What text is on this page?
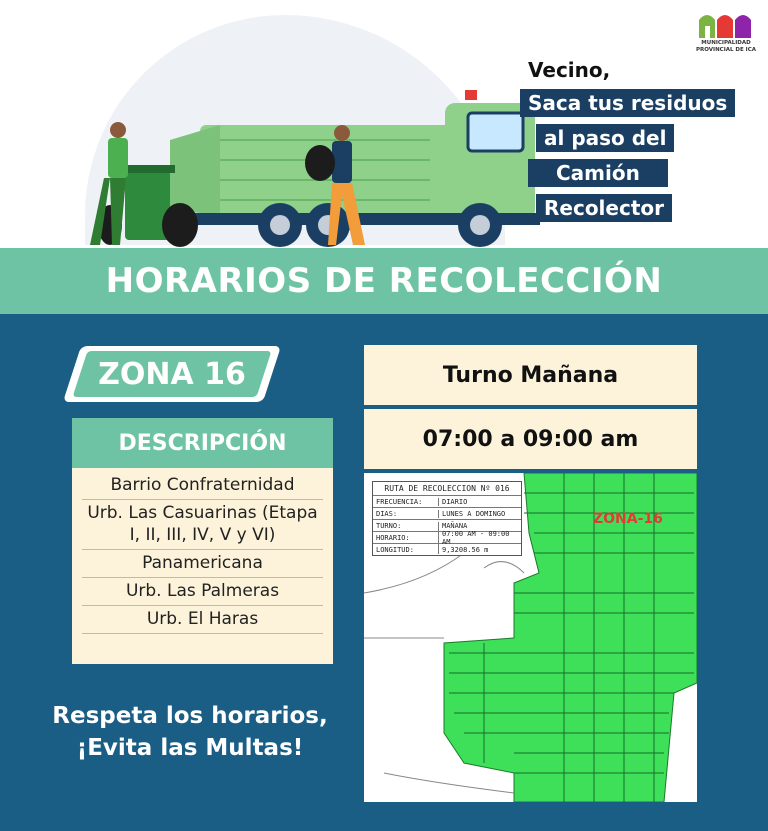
MUNICIPALIDAD PROVINCIAL DE ICA
Vecino,
Saca tus residuos
al paso del
Camión
Recolector
HORARIOS DE RECOLECCIÓN
ZONA 16
DESCRIPCIÓN
Barrio Confraternidad
Urb. Las Casuarinas (Etapa I, II, III, IV, V y VI)
Panamericana
Urb. Las Palmeras
Urb. El Haras
Turno Mañana
07:00 a 09:00 am
RUTA DE RECOLECCION Nº 016
FRECUENCIA:	DIARIO
DIAS:	LUNES A DOMINGO
TURNO:	MAÑANA
HORARIO:	07:00 AM - 09:00 AM
LONGITUD:	9,3208.56 m
ZONA-16
Respeta los horarios,
¡Evita las Multas!
